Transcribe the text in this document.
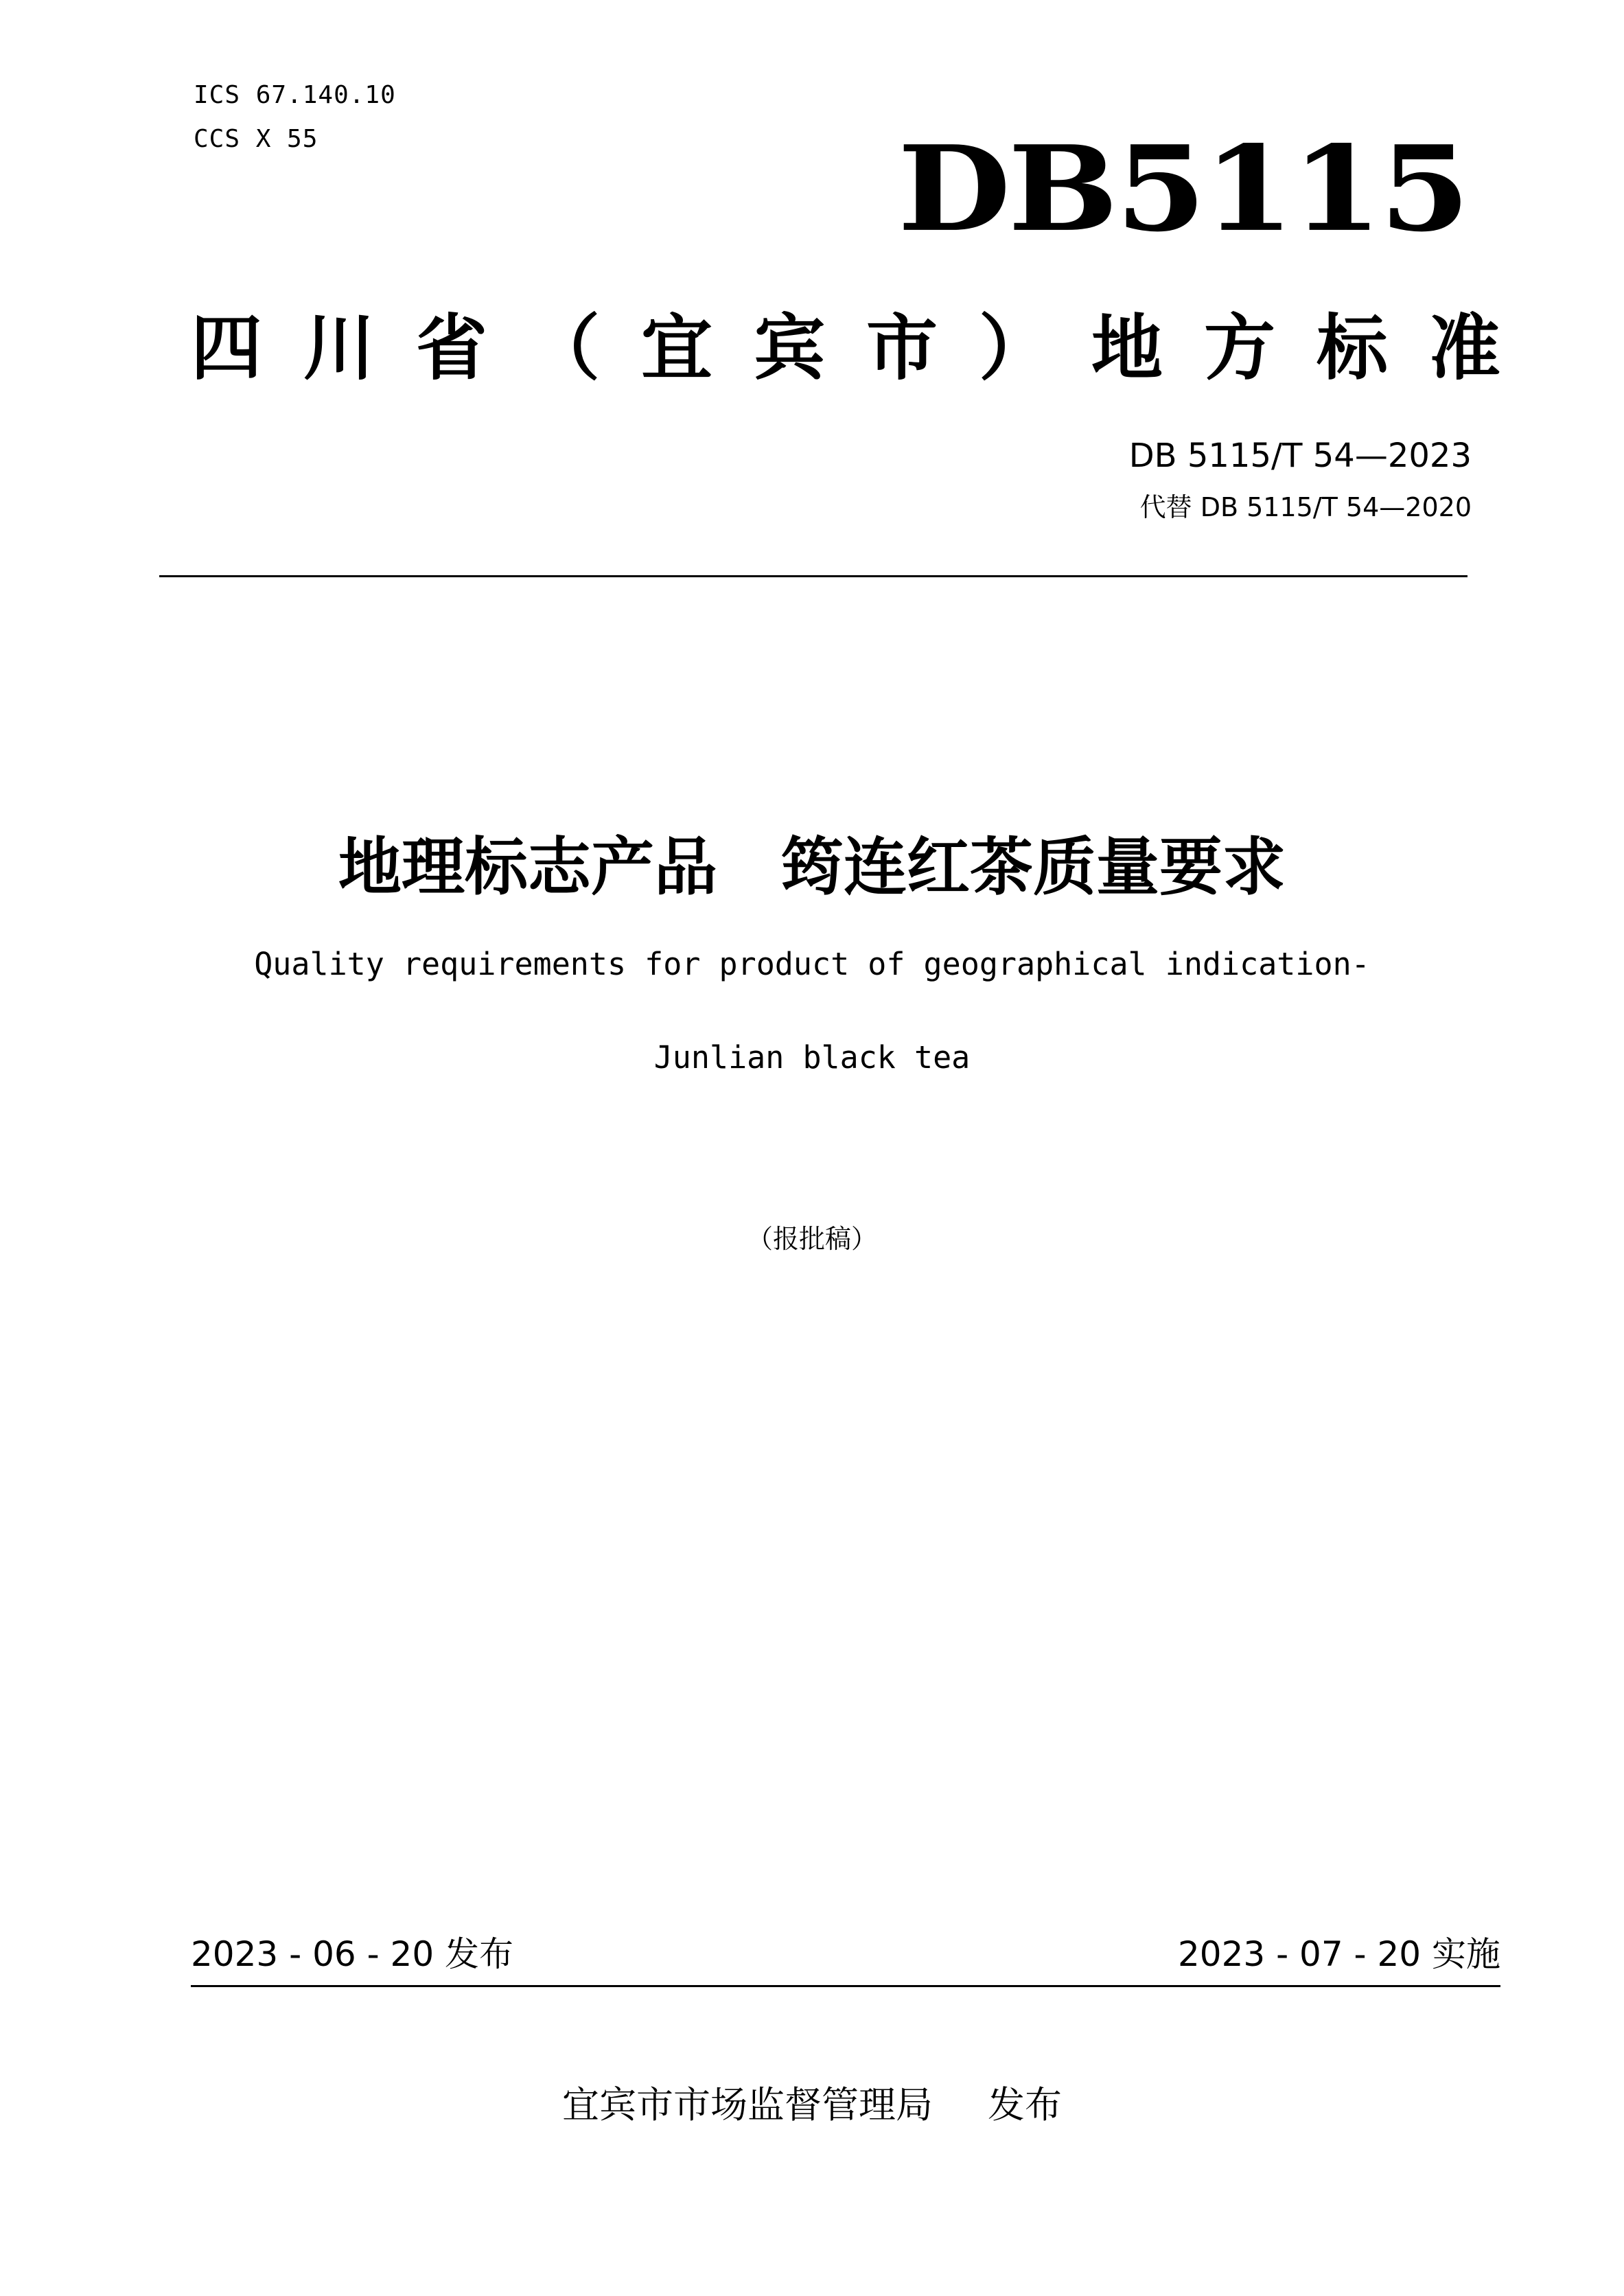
ICS 67.140.10
CCS X 55	DB5115
四川省（宜宾市）地方标准
DB 5115/T 54—2023
代替 DB 5115/T 54—2020
地理标志产品　筠连红茶质量要求
Quality requirements for product of geographical indication-
Junlian black tea
（报批稿）
2023 - 06 - 20 发布	2023 - 07 - 20 实施
宜宾市市场监督管理局 发布
